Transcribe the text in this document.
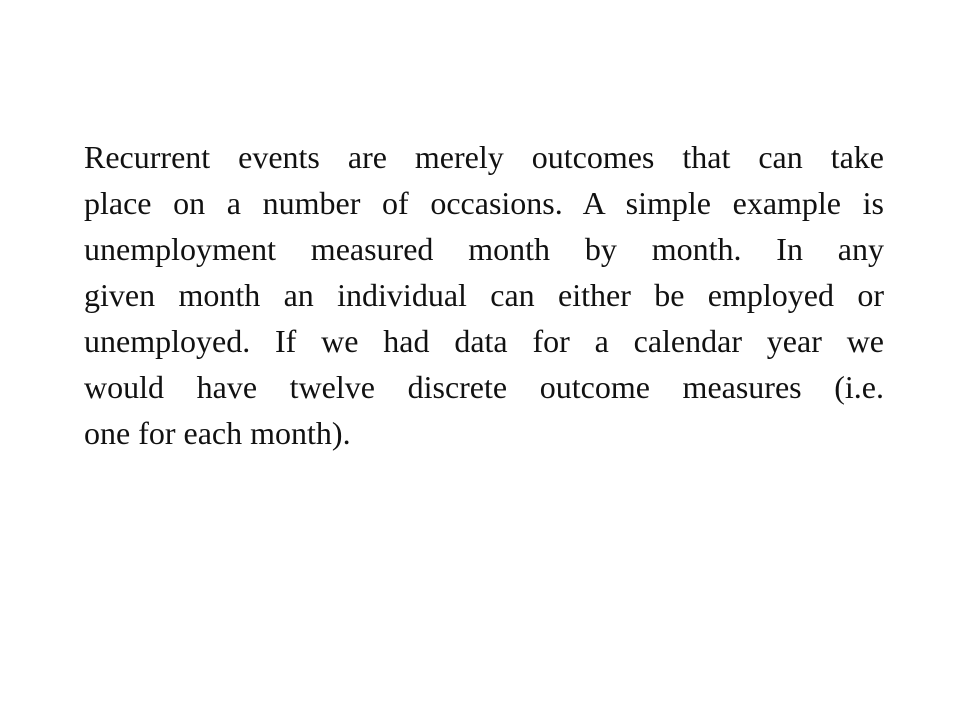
Recurrent events are merely outcomes that can take
place on a number of occasions. A simple example is
unemployment measured month by month. In any
given month an individual can either be employed or
unemployed. If we had data for a calendar year we
would have twelve discrete outcome measures (i.e.
one for each month).
